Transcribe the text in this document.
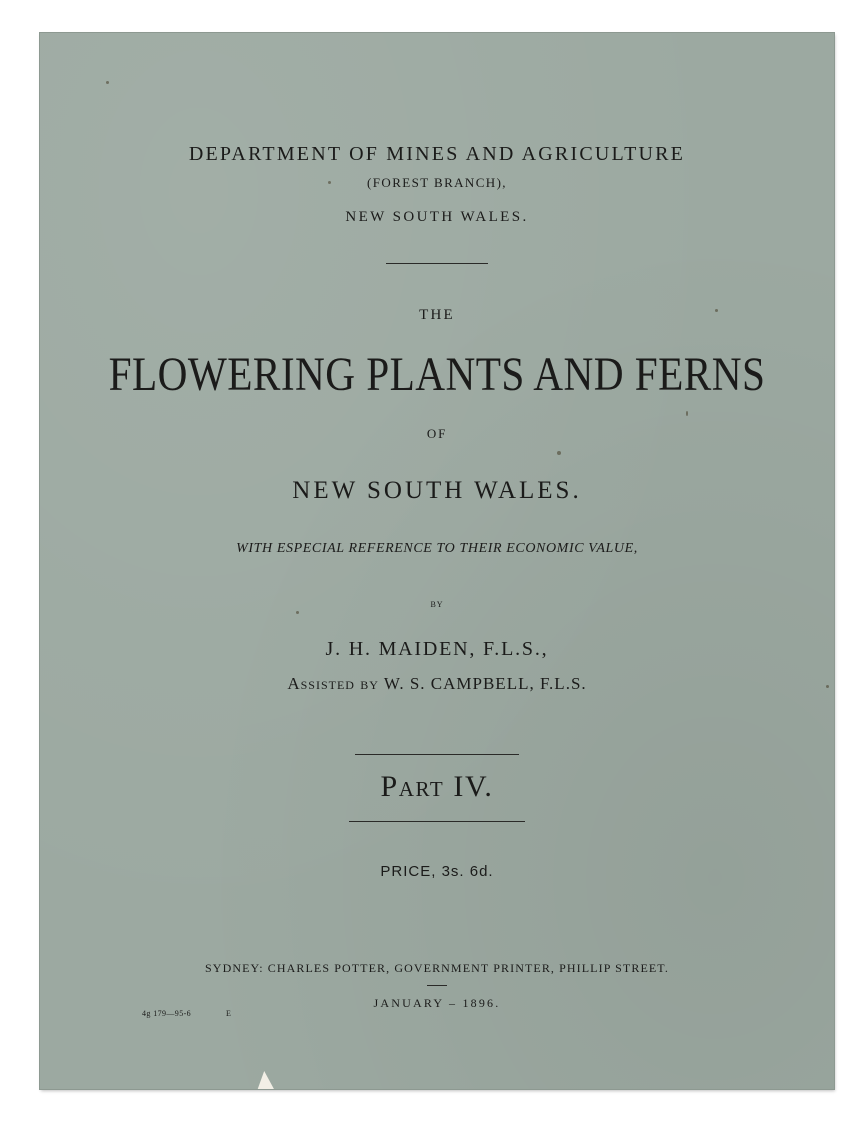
DEPARTMENT OF MINES AND AGRICULTURE
(FOREST BRANCH),
NEW SOUTH WALES.
THE
FLOWERING PLANTS AND FERNS
OF
NEW SOUTH WALES.
WITH ESPECIAL REFERENCE TO THEIR ECONOMIC VALUE,
BY
J. H. MAIDEN, F.L.S.,
Assisted by W. S. CAMPBELL, F.L.S.
Part IV.
PRICE, 3s. 6d.
SYDNEY: CHARLES POTTER, GOVERNMENT PRINTER, PHILLIP STREET.
JANUARY – 1896.
4g 179—95-6	E
